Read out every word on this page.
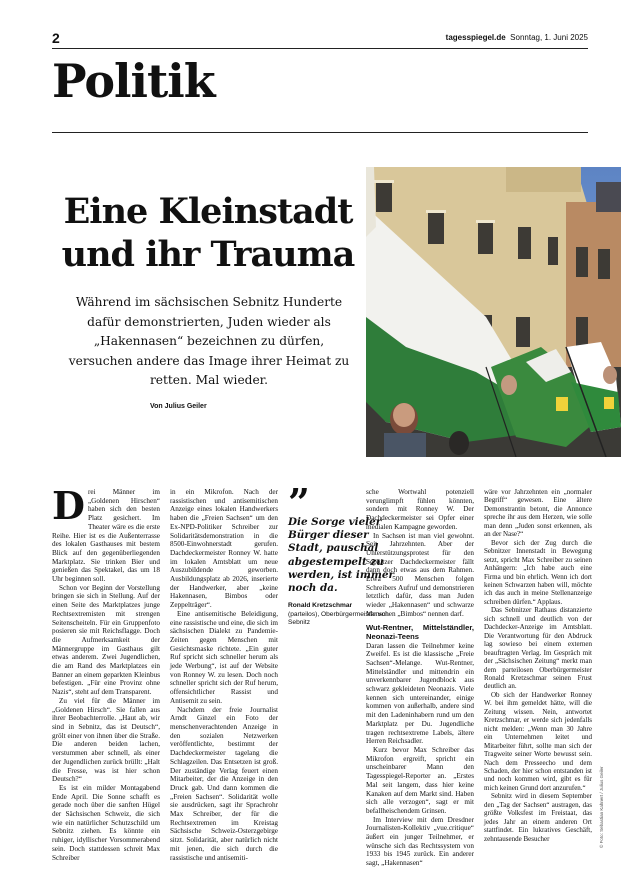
2	tagesspiegel.de Sonntag, 1. Juni 2025
Politik
Eine Kleinstadt
und ihr Trauma
Während im sächsischen Sebnitz Hunderte dafür demonstrierten, Juden wieder als „Hakennasen“ bezeichnen zu dürfen, versuchen andere das Image ihrer Heimat zu retten. Mal wieder.
Von Julius Geiler
© Foto: Sebastian Kahnert / Julius Geiler
D rei Männer im „Goldenen Hirschen“ haben sich den besten Platz gesichert. Im Theater wäre es die erste Reihe. Hier ist es die Außenterrasse des lokalen Gasthauses mit bestem Blick auf den gegenüberliegenden Marktplatz. Sie trinken Bier und genießen das Spektakel, das um 18 Uhr beginnen soll.

Schon vor Beginn der Vorstellung bringen sie sich in Stellung. Auf der einen Seite des Marktplatzes junge Rechtsextremisten mit strengen Seitenscheiteln. Für ein Gruppenfoto posieren sie mit Reichsflagge. Doch die Aufmerksamkeit der Männergruppe im Gasthaus gilt etwas anderem. Zwei Jugendlichen, die am Rand des Marktplatzes ein Banner an einem geparkten Kleinbus befestigen. „Für eine Provinz ohne Nazis“, steht auf dem Transparent.

Zu viel für die Männer im „Goldenen Hirsch“. Sie fallen aus ihrer Beobachterrolle. „Haut ab, wir sind in Sebnitz, das ist Deutsch“, grölt einer von ihnen über die Straße. Die anderen beiden lachen, verstummen aber schnell, als einer der Jugendlichen zurück brüllt: „Halt die Fresse, was ist hier schon Deutsch?“

Es ist ein milder Montagabend Ende April. Die Sonne schafft es gerade noch über die sanften Hügel der Sächsischen Schweiz, die sich wie ein natürlicher Schutzschild um Sebnitz ziehen. Es könnte ein ruhiger, idyllischer Vorsommerabend sein. Doch stattdessen schreit Max Schreiber

in ein Mikrofon. Nach der rassistischen und antisemitischen Anzeige eines lokalen Handwerkers haben die „Freien Sachsen“ um den Ex-NPD-Politiker Schreiber zur Solidaritätsdemonstration in die 8500-Einwohnerstadt gerufen. Dachdeckermeister Ronney W. hatte im lokalen Amtsblatt um neue Auszubildende geworben. Ausbildungsplatz ab 2026, inserierte der Handwerker, aber „keine Hakennasen, Bimbos oder Zeppelträger“.

Eine antisemitische Beleidigung, eine rassistische und eine, die sich im sächsischen Dialekt zu Pandemie-Zeiten gegen Menschen mit Gesichtsmaske richtete. „Ein guter Ruf spricht sich schneller herum als jede Werbung“, ist auf der Website von Ronney W. zu lesen. Doch noch schneller spricht sich der Ruf herum, offensichtlicher Rassist und Antisemit zu sein.

Nachdem der freie Journalist Arndt Ginzel ein Foto der menschenverachtenden Anzeige in den sozialen Netzwerken veröffentlichte, bestimmt der Dachdeckermeister tagelang die Schlagzeilen. Das Entsetzen ist groß. Der zuständige Verlag feuert einen Mitarbeiter, der die Anzeige in den Druck gab. Und dann kommen die „Freien Sachsen“. Solidarität wolle sie ausdrücken, sagt ihr Sprachrohr Max Schreiber, der für die Rechtsextremen im Kreistag Sächsische Schweiz-Osterzgebirge sitzt. Solidarität, aber natürlich nicht mit jenen, die sich durch die rassistische und antisemiti-

”
Die Sorge vieler Bürger dieser Stadt, pauschal abgestempelt zu werden, ist immer noch da.
Ronald Kretzschmar
(parteilos), Oberbürgermeister von Sebnitz

sche Wortwahl potenziell verunglimpft fühlen könnten, sondern mit Ronney W. Der Dachdeckermeister sei Opfer einer medialen Kampagne geworden.

In Sachsen ist man viel gewohnt. Seit Jahrzehnten. Aber der Unterstützungsprotest für den Sebnitzer Dachdeckermeister fällt dann doch etwas aus dem Rahmen. Etwa 500 Menschen folgen Schreibers Aufruf und demonstrieren letztlich dafür, dass man Juden wieder „Hakennasen“ und schwarze Menschen „Bimbos“ nennen darf.

Wut-Rentner, Mittelständler, Neonazi-Teens

Daran lassen die Teilnehmer keine Zweifel. Es ist die klassische „Freie Sachsen“-Melange. Wut-Rentner, Mittelständler und mittendrin ein unverkennbarer Jugendblock aus schwarz gekleideten Neonazis. Viele kennen sich untereinander, einige kommen von außerhalb, andere sind mit den Ladeninhabern rund um den Marktplatz per Du. Jugendliche tragen rechtsextreme Labels, ältere Herren Reichsadler.

Kurz bevor Max Schreiber das Mikrofon ergreift, spricht ein unscheinbarer Mann den Tagesspiegel-Reporter an. „Erstes Mal seit langem, dass hier keine Kanaken auf dem Markt sind. Haben sich alle verzogen“, sagt er mit befallheischendem Grinsen.

Im Interview mit dem Dresdner Journalisten-Kollektiv „vue.critique“ äußert ein junger Teilnehmer, er wünsche sich das Rechtssystem von 1933 bis 1945 zurück. Ein anderer sagt, „Hakennasen“

wäre vor Jahrzehnten ein „normaler Begriff“ gewesen. Eine ältere Demonstrantin betont, die Annonce spreche ihr aus dem Herzen, wie solle man denn „Juden sonst erkennen, als an der Nase?“

Bevor sich der Zug durch die Sebnitzer Innenstadt in Bewegung setzt, spricht Max Schreiber zu seinen Anhängern: „Ich habe auch eine Firma und bin ehrlich. Wenn ich dort keinen Schwarzen haben will, möchte ich das auch in meine Stellenanzeige schreiben dürfen.“ Applaus.

Das Sebnitzer Rathaus distanzierte sich schnell und deutlich von der Dachdecker-Anzeige im Amtsblatt. Die Verantwortung für den Abdruck lag sowieso bei einem externen beauftragten Verlag. Im Gespräch mit der „Sächsischen Zeitung“ merkt man dem parteilosen Oberbürgermeister Ronald Kretzschmar seinen Frust deutlich an.

Ob sich der Handwerker Ronney W. bei ihm gemeldet hätte, will die Zeitung wissen. Nein, antwortet Kretzschmar, er werde sich jedenfalls nicht melden: „Wenn man 30 Jahre ein Unternehmen leitet und Mitarbeiter führt, sollte man sich der Tragweite seiner Worte bewusst sein. Nach dem Presseecho und dem Schaden, der hier schon entstanden ist und noch kommen wird, gibt es für mich keinen Grund dort anzurufen.“

Sebnitz wird in diesem September den „Tag der Sachsen“ austragen, das größte Volksfest im Freistaat, das jedes Jahr an einem anderen Ort stattfindet. Ein lukratives Geschäft, zehntausende Besucher
